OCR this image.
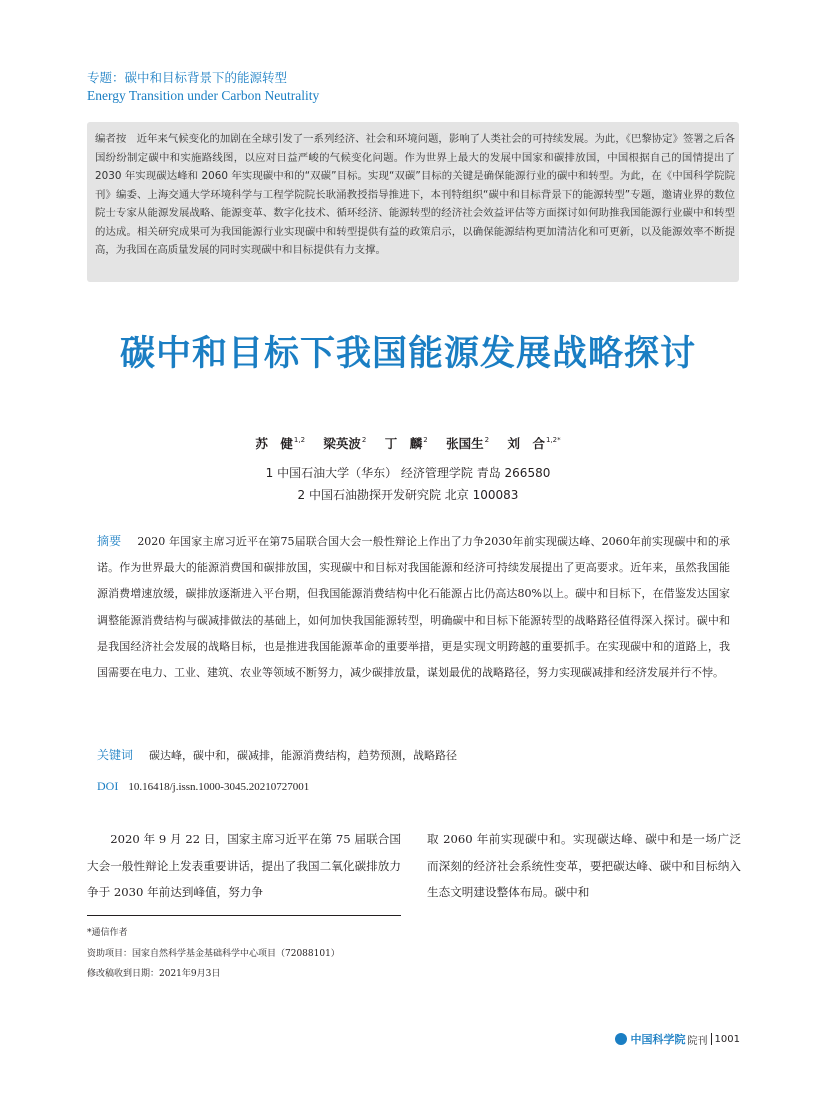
专题：碳中和目标背景下的能源转型
Energy Transition under Carbon Neutrality
编者按　近年来气候变化的加剧在全球引发了一系列经济、社会和环境问题，影响了人类社会的可持续发展。为此，《巴黎协定》签署之后各国纷纷制定碳中和实施路线图，以应对日益严峻的气候变化问题。作为世界上最大的发展中国家和碳排放国，中国根据自己的国情提出了 2030 年实现碳达峰和 2060 年实现碳中和的“双碳”目标。实现“双碳”目标的关键是确保能源行业的碳中和转型。为此，在《中国科学院院刊》编委、上海交通大学环境科学与工程学院院长耿涌教授指导推进下，本刊特组织“碳中和目标背景下的能源转型”专题，邀请业界的数位院士专家从能源发展战略、能源变革、数字化技术、循环经济、能源转型的经济社会效益评估等方面探讨如何助推我国能源行业碳中和转型的达成。相关研究成果可为我国能源行业实现碳中和转型提供有益的政策启示，以确保能源结构更加清洁化和可更新，以及能源效率不断提高，为我国在高质量发展的同时实现碳中和目标提供有力支撑。
碳中和目标下我国能源发展战略探讨
苏　健$^{1,2}$ 梁英波$^2$ 丁　麟$^2$ 张国生$^2$ 刘　合$^{1,2*}$
1 中国石油大学（华东） 经济管理学院 青岛 266580
2 中国石油勘探开发研究院 北京 100083
摘要 2020 年国家主席习近平在第75届联合国大会一般性辩论上作出了力争2030年前实现碳达峰、2060年前实现碳中和的承诺。作为世界最大的能源消费国和碳排放国，实现碳中和目标对我国能源和经济可持续发展提出了更高要求。近年来，虽然我国能源消费增速放缓，碳排放逐渐进入平台期，但我国能源消费结构中化石能源占比仍高达80%以上。碳中和目标下，在借鉴发达国家调整能源消费结构与碳减排做法的基础上，如何加快我国能源转型，明确碳中和目标下能源转型的战略路径值得深入探讨。碳中和是我国经济社会发展的战略目标，也是推进我国能源革命的重要举措，更是实现文明跨越的重要抓手。在实现碳中和的道路上，我国需要在电力、工业、建筑、农业等领域不断努力，减少碳排放量，谋划最优的战略路径，努力实现碳减排和经济发展并行不悖。
关键词 碳达峰，碳中和，碳减排，能源消费结构，趋势预测，战略路径
DOI 10.16418/j.issn.1000-3045.20210727001
2020 年 9 月 22 日，国家主席习近平在第 75 届联合国大会一般性辩论上发表重要讲话，提出了我国二氧化碳排放力争于 2030 年前达到峰值，努力争
取 2060 年前实现碳中和。实现碳达峰、碳中和是一场广泛而深刻的经济社会系统性变革，要把碳达峰、碳中和目标纳入生态文明建设整体布局。碳中和
*通信作者
资助项目：国家自然科学基金基础科学中心项目（72088101）
修改稿收到日期：2021年9月3日
中国科学院 院刊 1001
